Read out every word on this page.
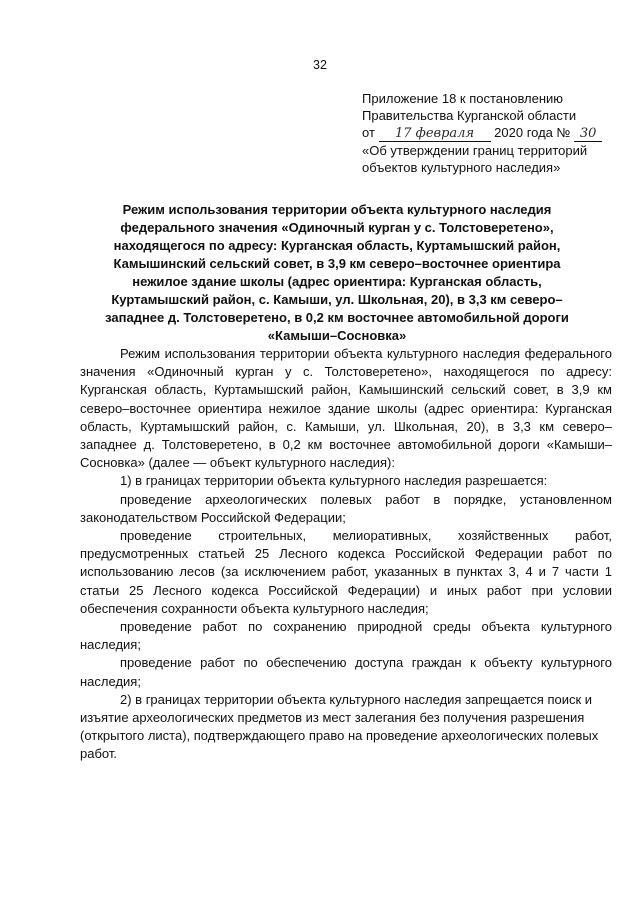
32
Приложение 18 к постановлению
Правительства Курганской области
от 17 февраля 2020 года № 30
«Об утверждении границ территорий
объектов культурного наследия»
Режим использования территории объекта культурного наследия
федерального значения «Одиночный курган у с. Толстоверетено»,
находящегося по адресу: Курганская область, Куртамышский район,
Камышинский сельский совет, в 3,9 км северо–восточнее ориентира
нежилое здание школы (адрес ориентира: Курганская область,
Куртамышский район, с. Камыши, ул. Школьная, 20), в 3,3 км северо–
западнее д. Толстоверетено, в 0,2 км восточнее автомобильной дороги
«Камыши–Сосновка»

Режим использования территории объекта культурного наследия федерального значения «Одиночный курган у с. Толстоверетено», находящегося по адресу: Курганская область, Куртамышский район, Камышинский сельский совет, в 3,9 км северо–восточнее ориентира нежилое здание школы (адрес ориентира: Курганская область, Куртамышский район, с. Камыши, ул. Школьная, 20), в 3,3 км северо–западнее д. Толстоверетено, в 0,2 км восточнее автомобильной дороги «Камыши–Сосновка» (далее — объект культурного наследия):

1) в границах территории объекта культурного наследия разрешается:

проведение археологических полевых работ в порядке, установленном законодательством Российской Федерации;

проведение строительных, мелиоративных, хозяйственных работ, предусмотренных статьей 25 Лесного кодекса Российской Федерации работ по использованию лесов (за исключением работ, указанных в пунктах 3, 4 и 7 части 1 статьи 25 Лесного кодекса Российской Федерации) и иных работ при условии обеспечения сохранности объекта культурного наследия;

проведение работ по сохранению природной среды объекта культурного наследия;

проведение работ по обеспечению доступа граждан к объекту культурного наследия;

2) в границах территории объекта культурного наследия запрещается поиск и изъятие археологических предметов из мест залегания без получения разрешения (открытого листа), подтверждающего право на проведение археологических полевых работ.
